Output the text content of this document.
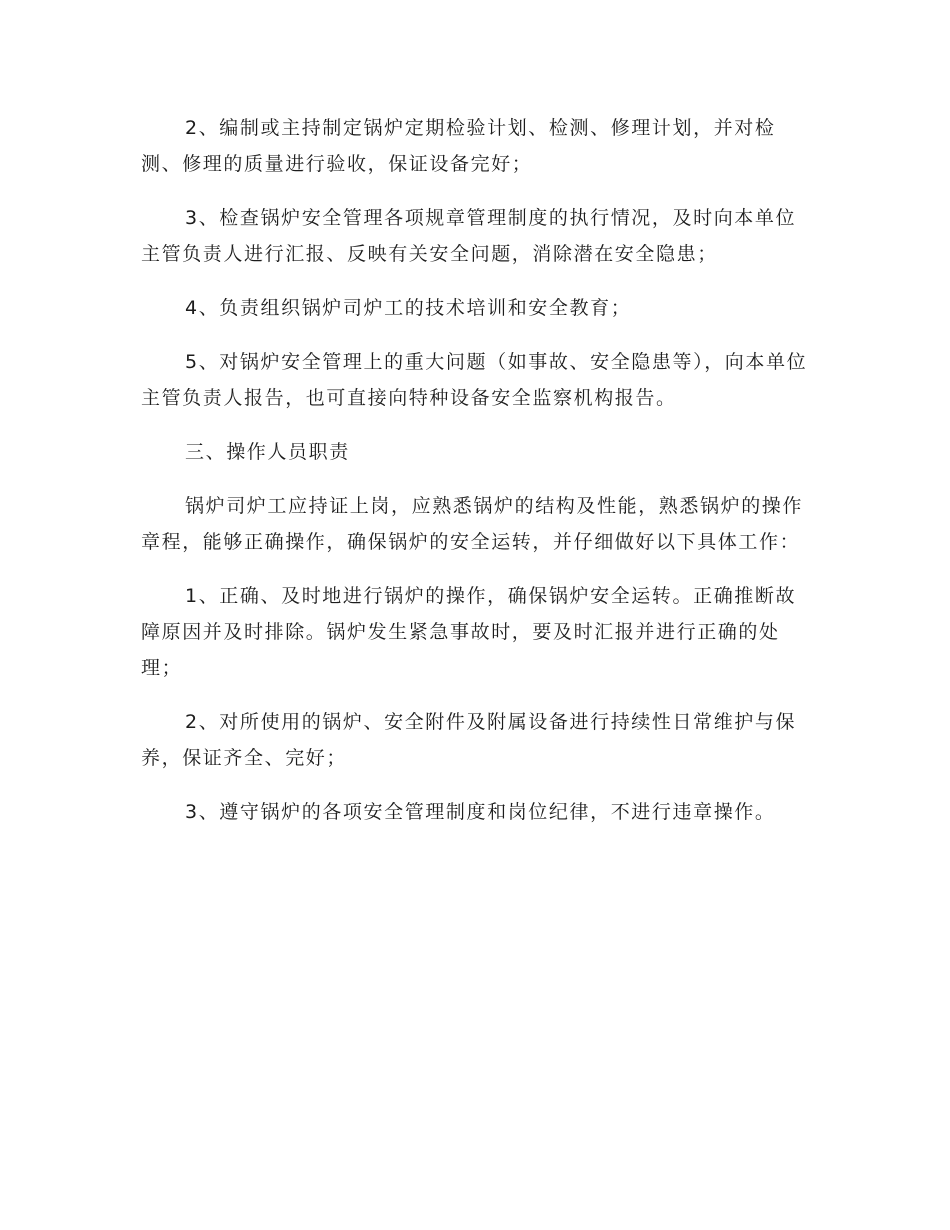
2、编制或主持制定锅炉定期检验计划、检测、修理计划，并对检测、修理的质量进行验收，保证设备完好；

3、检查锅炉安全管理各项规章管理制度的执行情况，及时向本单位主管负责人进行汇报、反映有关安全问题，消除潜在安全隐患；

4、负责组织锅炉司炉工的技术培训和安全教育；

5、对锅炉安全管理上的重大问题（如事故、安全隐患等），向本单位主管负责人报告，也可直接向特种设备安全监察机构报告。

三、操作人员职责

锅炉司炉工应持证上岗，应熟悉锅炉的结构及性能，熟悉锅炉的操作章程，能够正确操作，确保锅炉的安全运转，并仔细做好以下具体工作：

1、正确、及时地进行锅炉的操作，确保锅炉安全运转。正确推断故障原因并及时排除。锅炉发生紧急事故时，要及时汇报并进行正确的处理；

2、对所使用的锅炉、安全附件及附属设备进行持续性日常维护与保养，保证齐全、完好；

3、遵守锅炉的各项安全管理制度和岗位纪律，不进行违章操作。
